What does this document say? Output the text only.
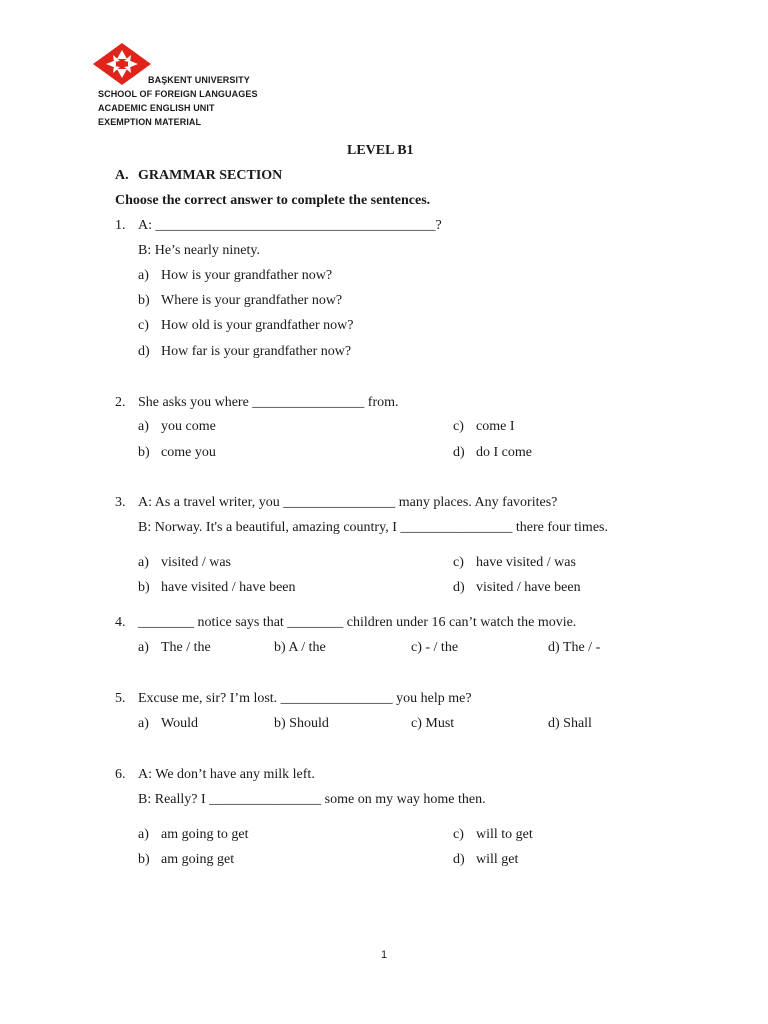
BAŞKENT UNIVERSITY
SCHOOL OF FOREIGN LANGUAGES
ACADEMIC ENGLISH UNIT
EXEMPTION MATERIAL
LEVEL B1
A. GRAMMAR SECTION
Choose the correct answer to complete the sentences.
1. A: ________________________________________?
B: He’s nearly ninety.
a) How is your grandfather now?
b) Where is your grandfather now?
c) How old is your grandfather now?
d) How far is your grandfather now?
2. She asks you where ________________ from.
a) you come	c) come I
b) come you	d) do I come
3. A: As a travel writer, you ________________ many places. Any favorites?
B: Norway. It's a beautiful, amazing country, I ________________ there four times.
a) visited / was	c) have visited / was
b) have visited / have been	d) visited / have been
4. ________ notice says that ________ children under 16 can’t watch the movie.
a) The / the	b) A / the	c) - / the	d) The / -
5. Excuse me, sir? I’m lost. ________________ you help me?
a) Would	b) Should	c) Must	d) Shall
6. A: We don’t have any milk left.
B: Really? I ________________ some on my way home then.
a) am going to get	c) will to get
b) am going get	d) will get
1
